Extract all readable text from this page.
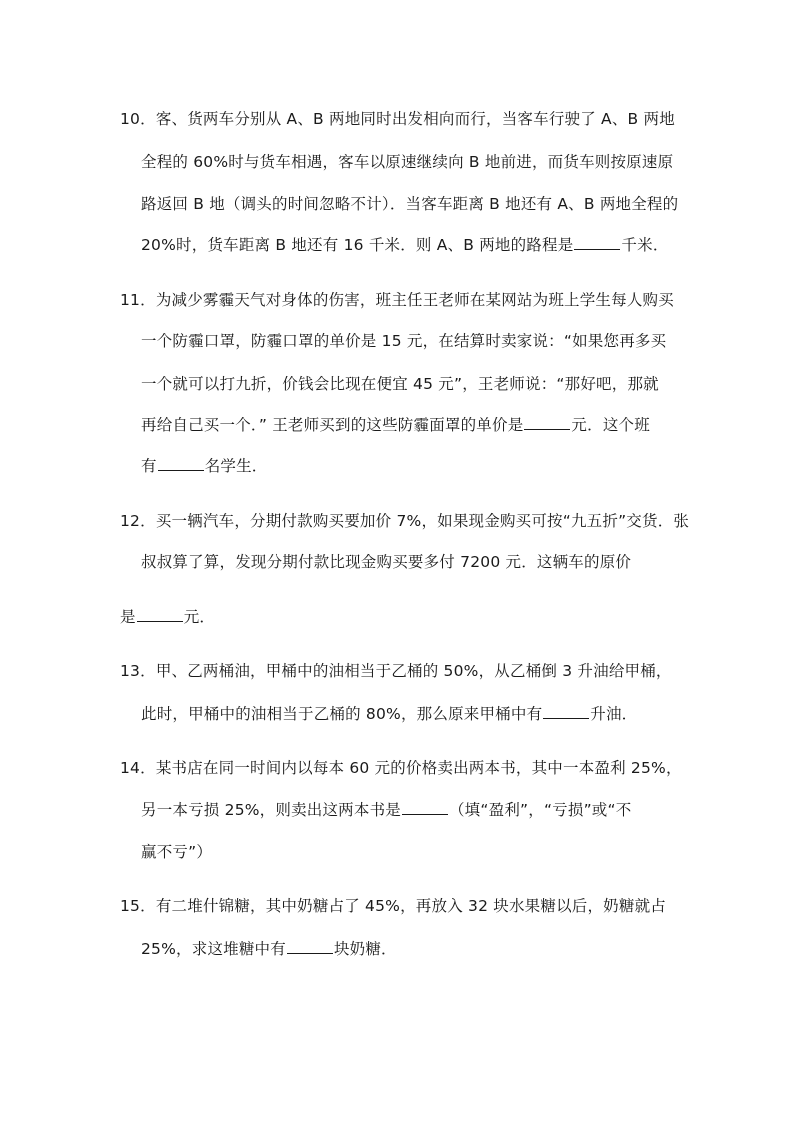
10．客、货两车分别从 A、B 两地同时出发相向而行，当客车行驶了 A、B 两地
全程的 60%时与货车相遇，客车以原速继续向 B 地前进，而货车则按原速原
路返回 B 地（调头的时间忽略不计）．当客车距离 B 地还有 A、B 两地全程的
20%时，货车距离 B 地还有 16 千米．则 A、B 两地的路程是	千米．
11．为减少雾霾天气对身体的伤害，班主任王老师在某网站为班上学生每人购买
一个防霾口罩，防霾口罩的单价是 15 元，在结算时卖家说：“如果您再多买
一个就可以打九折，价钱会比现在便宜 45 元”，王老师说：“那好吧，那就
再给自己买一个．” 王老师买到的这些防霾面罩的单价是	元．这个班
有	名学生．
12．买一辆汽车，分期付款购买要加价 7%，如果现金购买可按“九五折”交货．张
叔叔算了算，发现分期付款比现金购买要多付 7200 元．这辆车的原价
是	元．
13．甲、乙两桶油，甲桶中的油相当于乙桶的 50%，从乙桶倒 3 升油给甲桶，
此时，甲桶中的油相当于乙桶的 80%，那么原来甲桶中有	升油．
14．某书店在同一时间内以每本 60 元的价格卖出两本书，其中一本盈利 25%，
另一本亏损 25%，则卖出这两本书是	（填“盈利”，“亏损”或“不
赢不亏”）
15．有二堆什锦糖，其中奶糖占了 45%，再放入 32 块水果糖以后，奶糖就占
25%，求这堆糖中有	块奶糖．
